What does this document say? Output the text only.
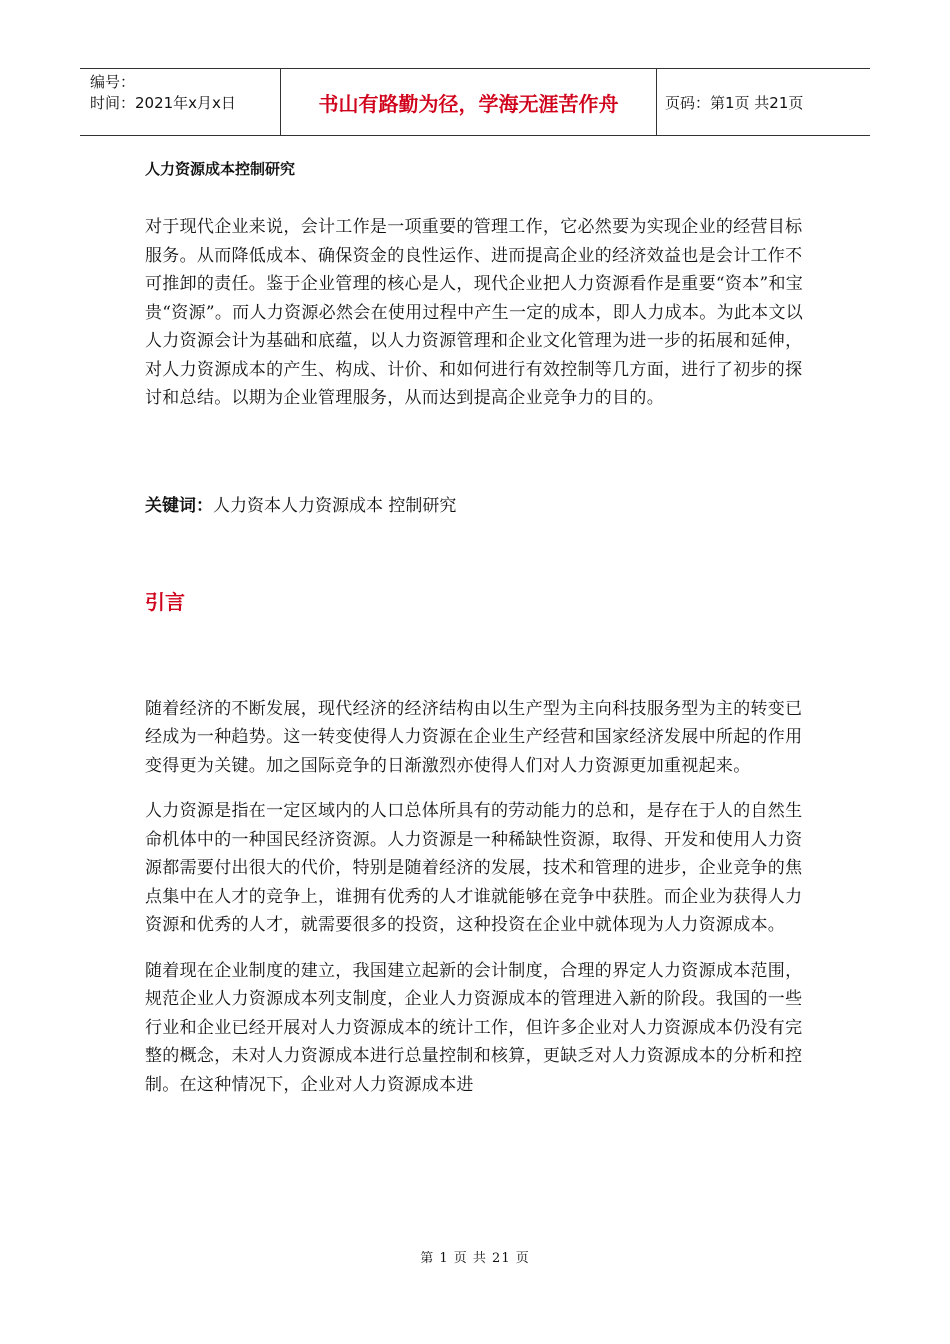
编号：
时间：2021年x月x日	书山有路勤为径，学海无涯苦作舟	页码：第1页 共21页
人力资源成本控制研究

对于现代企业来说，会计工作是一项重要的管理工作，它必然要为实现企业的经营目标服务。从而降低成本、确保资金的良性运作、进而提高企业的经济效益也是会计工作不可推卸的责任。鉴于企业管理的核心是人，现代企业把人力资源看作是重要“资本”和宝贵“资源”。而人力资源必然会在使用过程中产生一定的成本，即人力成本。为此本文以人力资源会计为基础和底蕴，以人力资源管理和企业文化管理为进一步的拓展和延伸，对人力资源成本的产生、构成、计价、和如何进行有效控制等几方面，进行了初步的探讨和总结。以期为企业管理服务，从而达到提高企业竞争力的目的。

关键词：人力资本人力资源成本 控制研究
引言

随着经济的不断发展，现代经济的经济结构由以生产型为主向科技服务型为主的转变已经成为一种趋势。这一转变使得人力资源在企业生产经营和国家经济发展中所起的作用变得更为关键。加之国际竞争的日渐激烈亦使得人们对人力资源更加重视起来。

人力资源是指在一定区域内的人口总体所具有的劳动能力的总和，是存在于人的自然生命机体中的一种国民经济资源。人力资源是一种稀缺性资源，取得、开发和使用人力资源都需要付出很大的代价，特别是随着经济的发展，技术和管理的进步，企业竞争的焦点集中在人才的竞争上，谁拥有优秀的人才谁就能够在竞争中获胜。而企业为获得人力资源和优秀的人才，就需要很多的投资，这种投资在企业中就体现为人力资源成本。

随着现在企业制度的建立，我国建立起新的会计制度，合理的界定人力资源成本范围，规范企业人力资源成本列支制度，企业人力资源成本的管理进入新的阶段。我国的一些行业和企业已经开展对人力资源成本的统计工作，但许多企业对人力资源成本仍没有完整的概念，未对人力资源成本进行总量控制和核算，更缺乏对人力资源成本的分析和控制。在这种情况下，企业对人力资源成本进

第 1 页 共 21 页
